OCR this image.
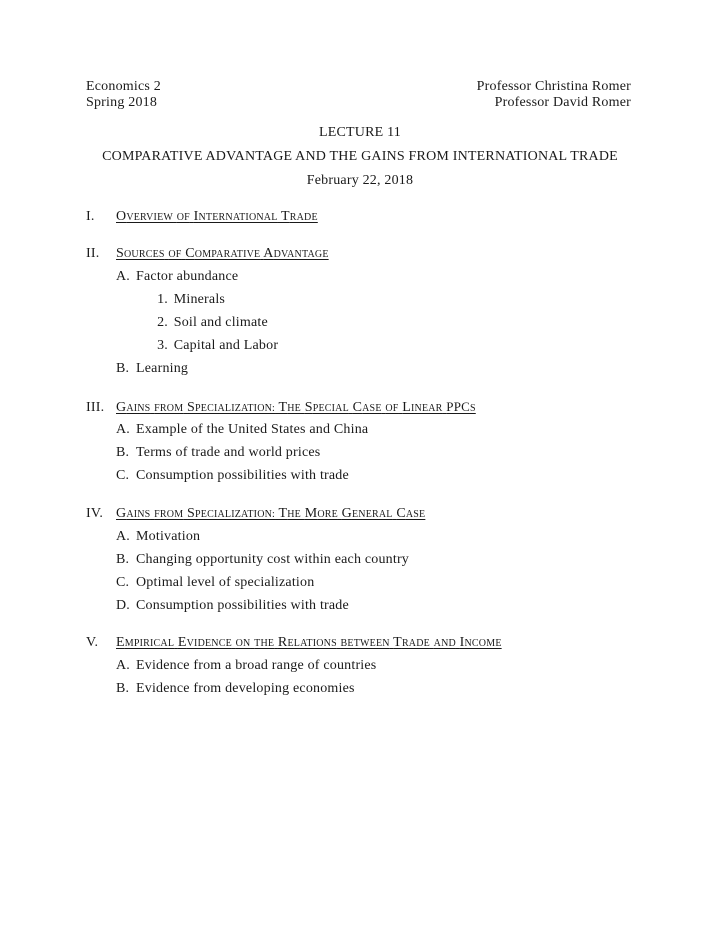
Economics 2	Professor Christina Romer
Spring 2018	Professor David Romer
LECTURE 11
COMPARATIVE ADVANTAGE AND THE GAINS FROM INTERNATIONAL TRADE
February 22, 2018
I. OVERVIEW OF INTERNATIONAL TRADE
II. SOURCES OF COMPARATIVE ADVANTAGE
A. Factor abundance
1. Minerals
2. Soil and climate
3. Capital and Labor
B. Learning
III. GAINS FROM SPECIALIZATION: THE SPECIAL CASE OF LINEAR PPCS
A. Example of the United States and China
B. Terms of trade and world prices
C. Consumption possibilities with trade
IV. GAINS FROM SPECIALIZATION: THE MORE GENERAL CASE
A. Motivation
B. Changing opportunity cost within each country
C. Optimal level of specialization
D. Consumption possibilities with trade
V. EMPIRICAL EVIDENCE ON THE RELATIONS BETWEEN TRADE AND INCOME
A. Evidence from a broad range of countries
B. Evidence from developing economies
